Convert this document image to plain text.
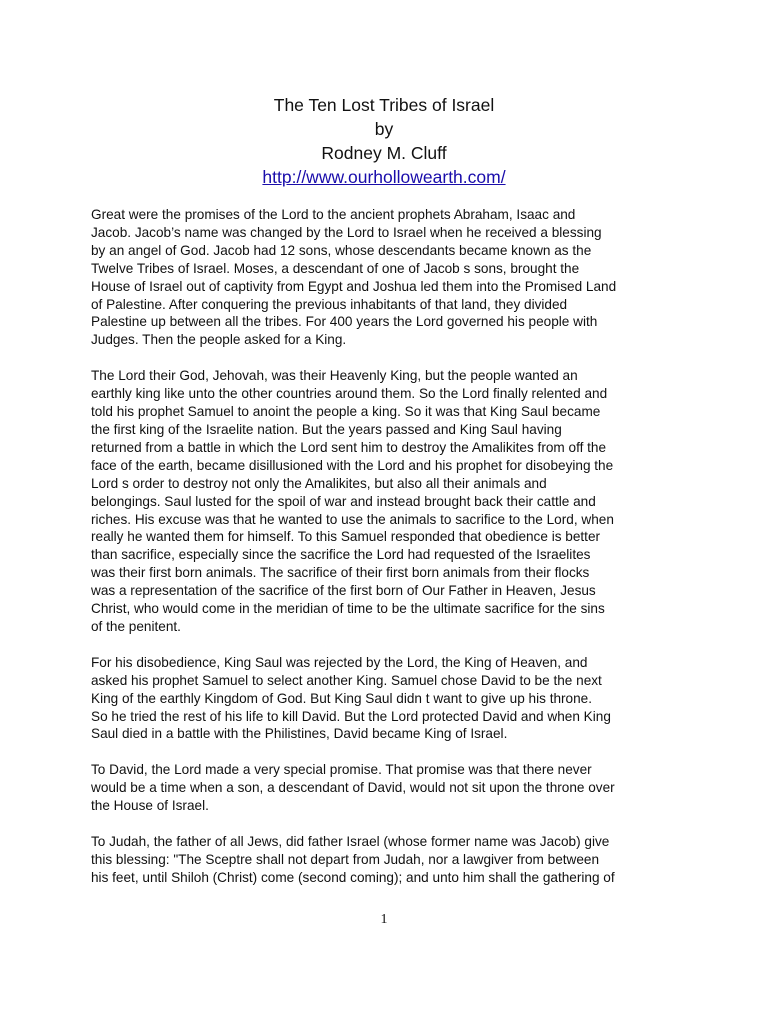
The Ten Lost Tribes of Israel
by
Rodney M. Cluff
http://www.ourhollowearth.com/
Great were the promises of the Lord to the ancient prophets Abraham, Isaac and
Jacob. Jacob’s name was changed by the Lord to Israel when he received a blessing
by an angel of God. Jacob had 12 sons, whose descendants became known as the
Twelve Tribes of Israel. Moses, a descendant of one of Jacob s sons, brought the
House of Israel out of captivity from Egypt and Joshua led them into the Promised Land
of Palestine. After conquering the previous inhabitants of that land, they divided
Palestine up between all the tribes. For 400 years the Lord governed his people with
Judges. Then the people asked for a King.
The Lord their God, Jehovah, was their Heavenly King, but the people wanted an
earthly king like unto the other countries around them. So the Lord finally relented and
told his prophet Samuel to anoint the people a king. So it was that King Saul became
the first king of the Israelite nation. But the years passed and King Saul having
returned from a battle in which the Lord sent him to destroy the Amalikites from off the
face of the earth, became disillusioned with the Lord and his prophet for disobeying the
Lord s order to destroy not only the Amalikites, but also all their animals and
belongings. Saul lusted for the spoil of war and instead brought back their cattle and
riches. His excuse was that he wanted to use the animals to sacrifice to the Lord, when
really he wanted them for himself. To this Samuel responded that obedience is better
than sacrifice, especially since the sacrifice the Lord had requested of the Israelites
was their first born animals. The sacrifice of their first born animals from their flocks
was a representation of the sacrifice of the first born of Our Father in Heaven, Jesus
Christ, who would come in the meridian of time to be the ultimate sacrifice for the sins
of the penitent.
For his disobedience, King Saul was rejected by the Lord, the King of Heaven, and
asked his prophet Samuel to select another King. Samuel chose David to be the next
King of the earthly Kingdom of God. But King Saul didn t want to give up his throne.
So he tried the rest of his life to kill David. But the Lord protected David and when King
Saul died in a battle with the Philistines, David became King of Israel.
To David, the Lord made a very special promise. That promise was that there never
would be a time when a son, a descendant of David, would not sit upon the throne over
the House of Israel.
To Judah, the father of all Jews, did father Israel (whose former name was Jacob) give
this blessing: "The Sceptre shall not depart from Judah, nor a lawgiver from between
his feet, until Shiloh (Christ) come (second coming); and unto him shall the gathering of
1
